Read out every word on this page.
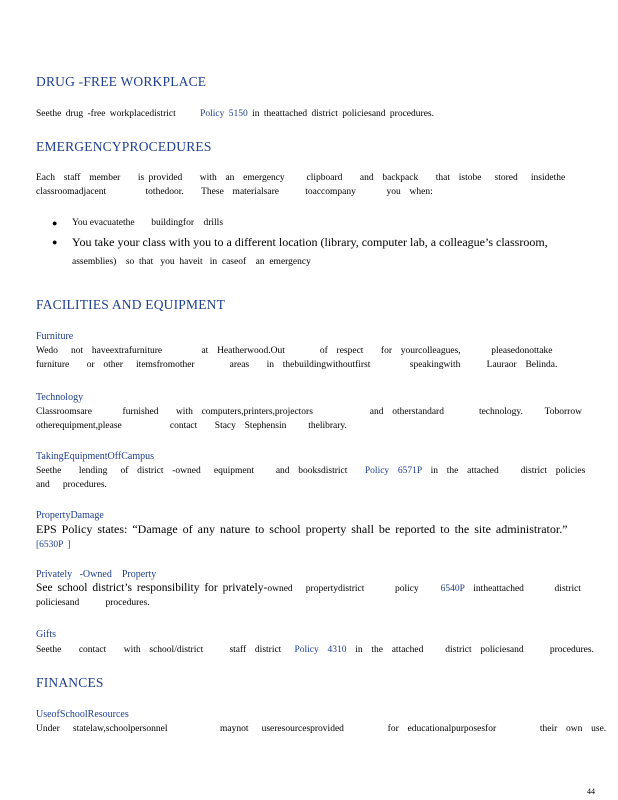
DRUG -FREE WORKPLACE
Seethe drug -free workplacedistrict	Policy 5150 in theattached district policiesand procedures.
EMERGENCYPROCEDURES
Each  staff  member    is provided    with  an  emergency     clipboard    and  backpack    that  istobe   stored   insidethe
classroomadjacent         tothedoor.    These  materialsare      toaccompany       you  when:
● You evacuatethe       buildingfor    drills
● You take your class with you to a different location (library, computer lab, a colleague’s classroom,
assemblies)    so  that   you  haveit   in  caseof    an  emergency
FACILITIES AND EQUIPMENT
Furniture
Wedo   not  haveextrafurniture         at  Heatherwood.Out        of  respect    for  yourcolleagues,       pleasedonottake
furniture    or  other   itemsfromother        areas    in  thebuildingwithoutfirst         speakingwith      Lauraor  Belinda.
Technology
Classroomsare       furnished    with  computers,printers,projectors             and  otherstandard        technology.     Toborrow
otherequipment,please           contact    Stacy  Stephensin     thelibrary.
TakingEquipmentOffCampus
Seethe    lending   of  district  -owned   equipment     and  booksdistrict Policy  6571P  in  the  attached     district  policies
and   procedures.
PropertyDamage
EPS Policy states: “Damage of any nature to school property shall be reported to the site administrator.”
[6530P ]
Privately   -Owned    Property
See school district’s responsibility for privately-owned   propertydistrict       policy 6540P  intheattached       district
policiesand      procedures.
Gifts
Seethe    contact    with  school/district      staff  district Policy  4310  in  the  attached     district  policiesand      procedures.
FINANCES
UseofSchoolResources
Under   statelaw,schoolpersonnel            maynot   useresourcesprovided          for  educationalpurposesfor          their  own  use.
44
